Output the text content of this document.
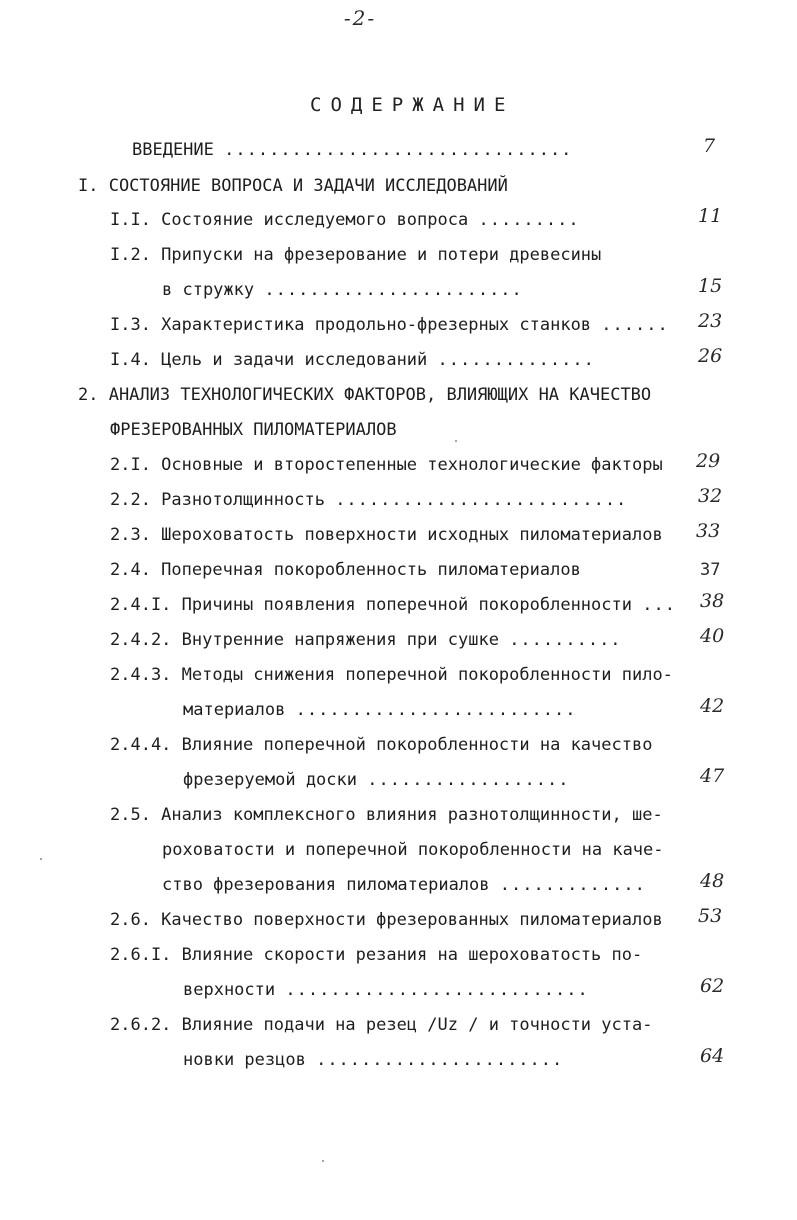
-2-
СОДЕРЖАНИЕ
ВВЕДЕНИЕ ...............................	7
I. СОСТОЯНИЕ ВОПРОСА И ЗАДАЧИ ИССЛЕДОВАНИЙ
I.I. Состояние исследуемого вопроса .........	11
I.2. Припуски на фрезерование и потери древесины
в стружку .......................	15
I.3. Характеристика продольно-фрезерных станков ...... 23
I.4. Цель и задачи исследований ..............	26
2. АНАЛИЗ ТЕХНОЛОГИЧЕСКИХ ФАКТОРОВ, ВЛИЯЮЩИХ НА КАЧЕСТВО
ФРЕЗЕРОВАННЫХ ПИЛОМАТЕРИАЛОВ
2.I. Основные и второстепенные технологические факторы 29
2.2. Разнотолщинность ..........................	32
2.3. Шероховатость поверхности исходных пиломатериалов 33
2.4. Поперечная покоробленность пиломатериалов	37
2.4.I. Причины появления поперечной покоробленности ... 38
2.4.2. Внутренние напряжения при сушке ..........	40
2.4.3. Методы снижения поперечной покоробленности пило-
материалов .........................	42
2.4.4. Влияние поперечной покоробленности на качество
фрезеруемой доски ..................	47
2.5. Анализ комплексного влияния разнотолщинности, ше-
роховатости и поперечной покоробленности на каче-
ство фрезерования пиломатериалов .............	48
2.6. Качество поверхности фрезерованных пиломатериалов 53
2.6.I. Влияние скорости резания на шероховатость по-
верхности ...........................	62
2.6.2. Влияние подачи на резец /Uz / и точности уста-
новки резцов ......................	64
